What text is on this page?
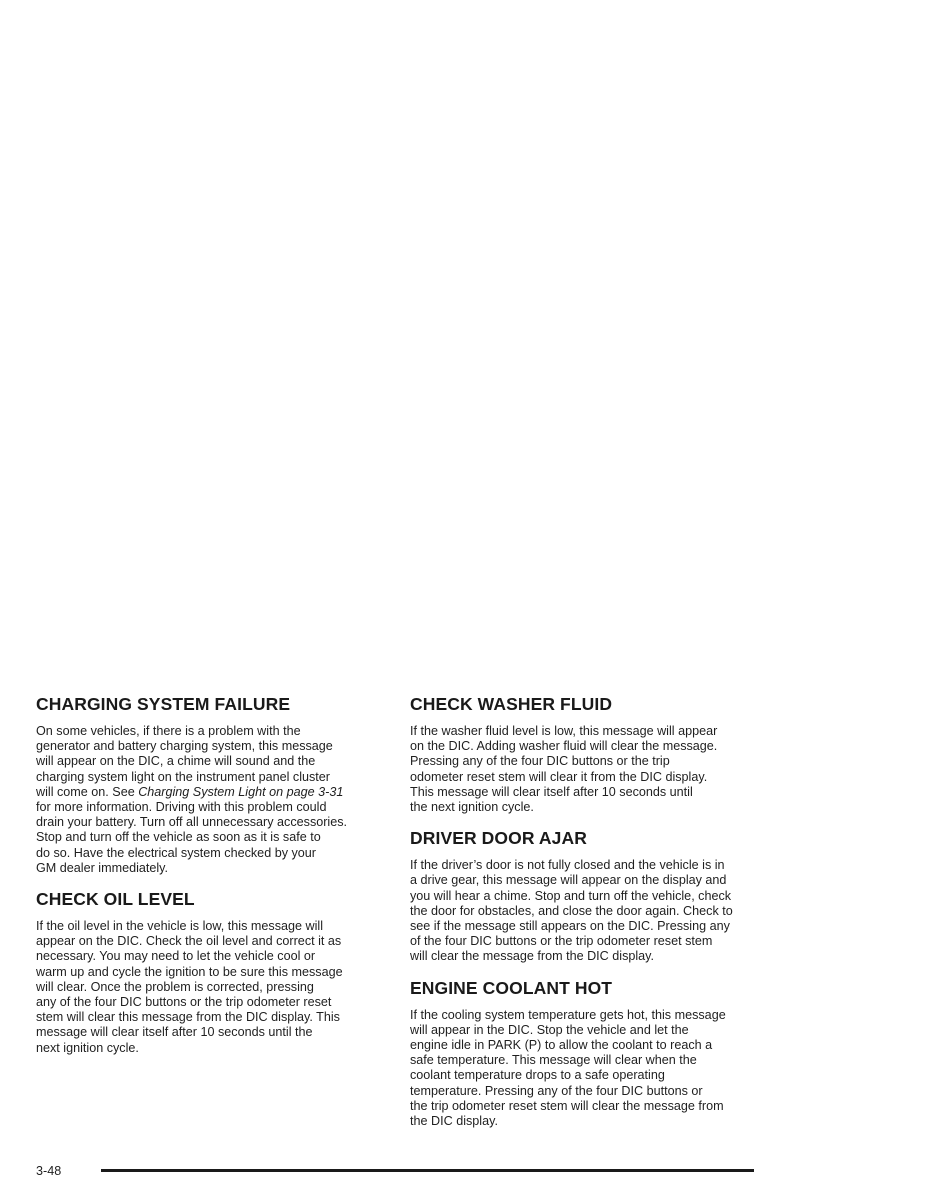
CHARGING SYSTEM FAILURE

On some vehicles, if there is a problem with the
generator and battery charging system, this message
will appear on the DIC, a chime will sound and the
charging system light on the instrument panel cluster
will come on. See Charging System Light on page 3-31
for more information. Driving with this problem could
drain your battery. Turn off all unnecessary accessories.
Stop and turn off the vehicle as soon as it is safe to
do so. Have the electrical system checked by your
GM dealer immediately.

CHECK OIL LEVEL

If the oil level in the vehicle is low, this message will
appear on the DIC. Check the oil level and correct it as
necessary. You may need to let the vehicle cool or
warm up and cycle the ignition to be sure this message
will clear. Once the problem is corrected, pressing
any of the four DIC buttons or the trip odometer reset
stem will clear this message from the DIC display. This
message will clear itself after 10 seconds until the
next ignition cycle.

CHECK WASHER FLUID

If the washer fluid level is low, this message will appear
on the DIC. Adding washer fluid will clear the message.
Pressing any of the four DIC buttons or the trip
odometer reset stem will clear it from the DIC display.
This message will clear itself after 10 seconds until
the next ignition cycle.

DRIVER DOOR AJAR

If the driver’s door is not fully closed and the vehicle is in
a drive gear, this message will appear on the display and
you will hear a chime. Stop and turn off the vehicle, check
the door for obstacles, and close the door again. Check to
see if the message still appears on the DIC. Pressing any
of the four DIC buttons or the trip odometer reset stem
will clear the message from the DIC display.

ENGINE COOLANT HOT

If the cooling system temperature gets hot, this message
will appear in the DIC. Stop the vehicle and let the
engine idle in PARK (P) to allow the coolant to reach a
safe temperature. This message will clear when the
coolant temperature drops to a safe operating
temperature. Pressing any of the four DIC buttons or
the trip odometer reset stem will clear the message from
the DIC display.

3-48
